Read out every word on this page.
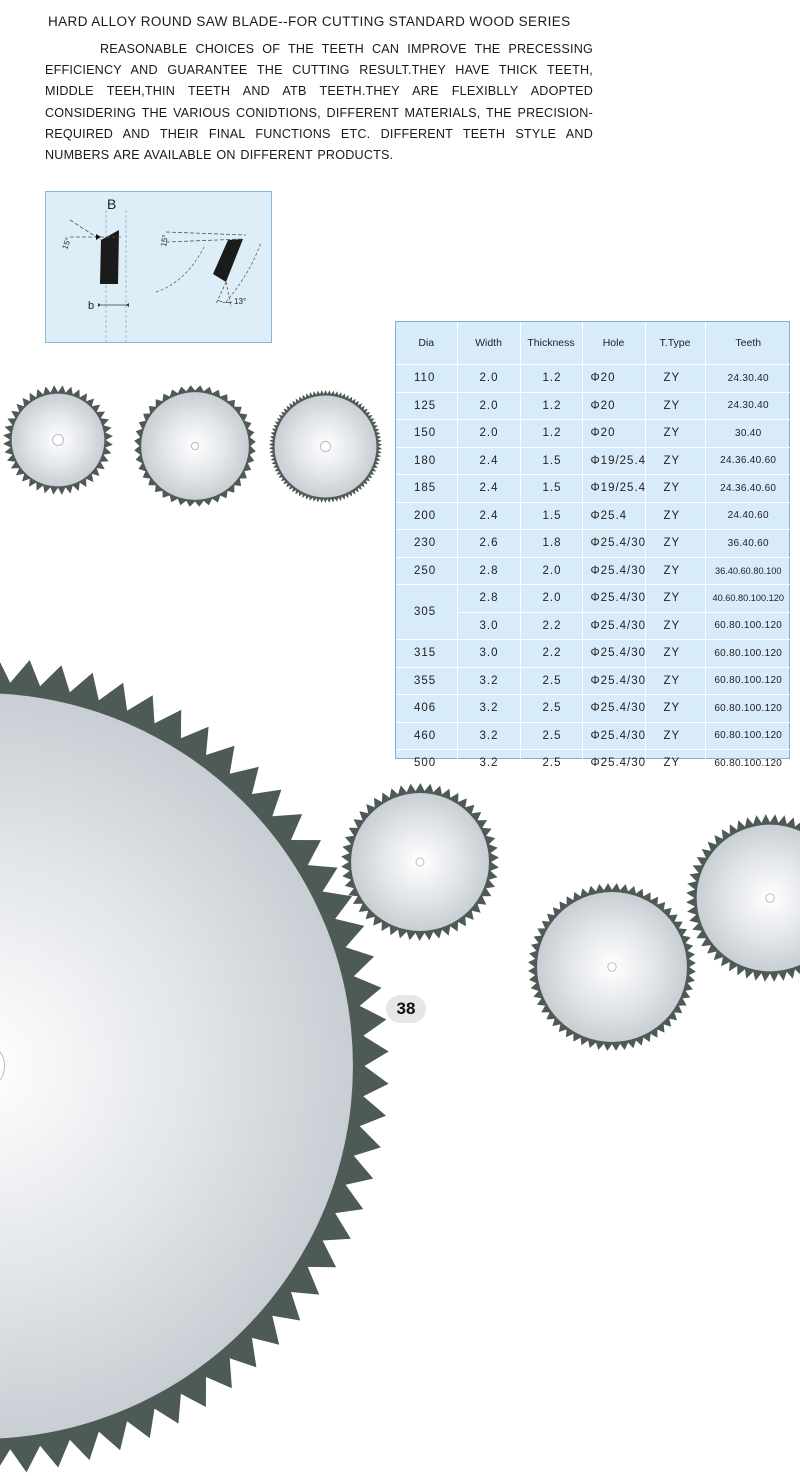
HARD ALLOY ROUND SAW BLADE--FOR CUTTING STANDARD WOOD SERIES
REASONABLE CHOICES OF THE TEETH CAN IMPROVE THE PRECESSING EFFICIENCY AND GUARANTEE THE CUTTING RESULT.THEY HAVE THICK TEETH, MIDDLE TEEH,THIN TEETH AND ATB TEETH.THEY ARE FLEXIBLLY ADOPTED CONSIDERING THE VARIOUS CONIDTIONS, DIFFERENT MATERIALS, THE PRECISION-REQUIRED AND THEIR FINAL FUNCTIONS ETC. DIFFERENT TEETH STYLE AND NUMBERS ARE AVAILABLE ON DIFFERENT PRODUCTS.
B
b
15°	15°
13°
Dia	Width	Thickness	Hole	T.Type	Teeth
110	2.0	1.2	Φ20	ZY	24.30.40
125	2.0	1.2	Φ20	ZY	24.30.40
150	2.0	1.2	Φ20	ZY	30.40
180	2.4	1.5	Φ19/25.4	ZY	24.36.40.60
185	2.4	1.5	Φ19/25.4	ZY	24.36.40.60
200	2.4	1.5	Φ25.4	ZY	24.40.60
230	2.6	1.8	Φ25.4/30	ZY	36.40.60
250	2.8	2.0	Φ25.4/30	ZY	36.40.60.80.100
305	2.8	2.0	Φ25.4/30	ZY	40.60.80.100.120
	3.0	2.2	Φ25.4/30	ZY	60.80.100.120
315	3.0	2.2	Φ25.4/30	ZY	60.80.100.120
355	3.2	2.5	Φ25.4/30	ZY	60.80.100.120
406	3.2	2.5	Φ25.4/30	ZY	60.80.100.120
460	3.2	2.5	Φ25.4/30	ZY	60.80.100.120
500	3.2	2.5	Φ25.4/30	ZY	60.80.100.120
38
